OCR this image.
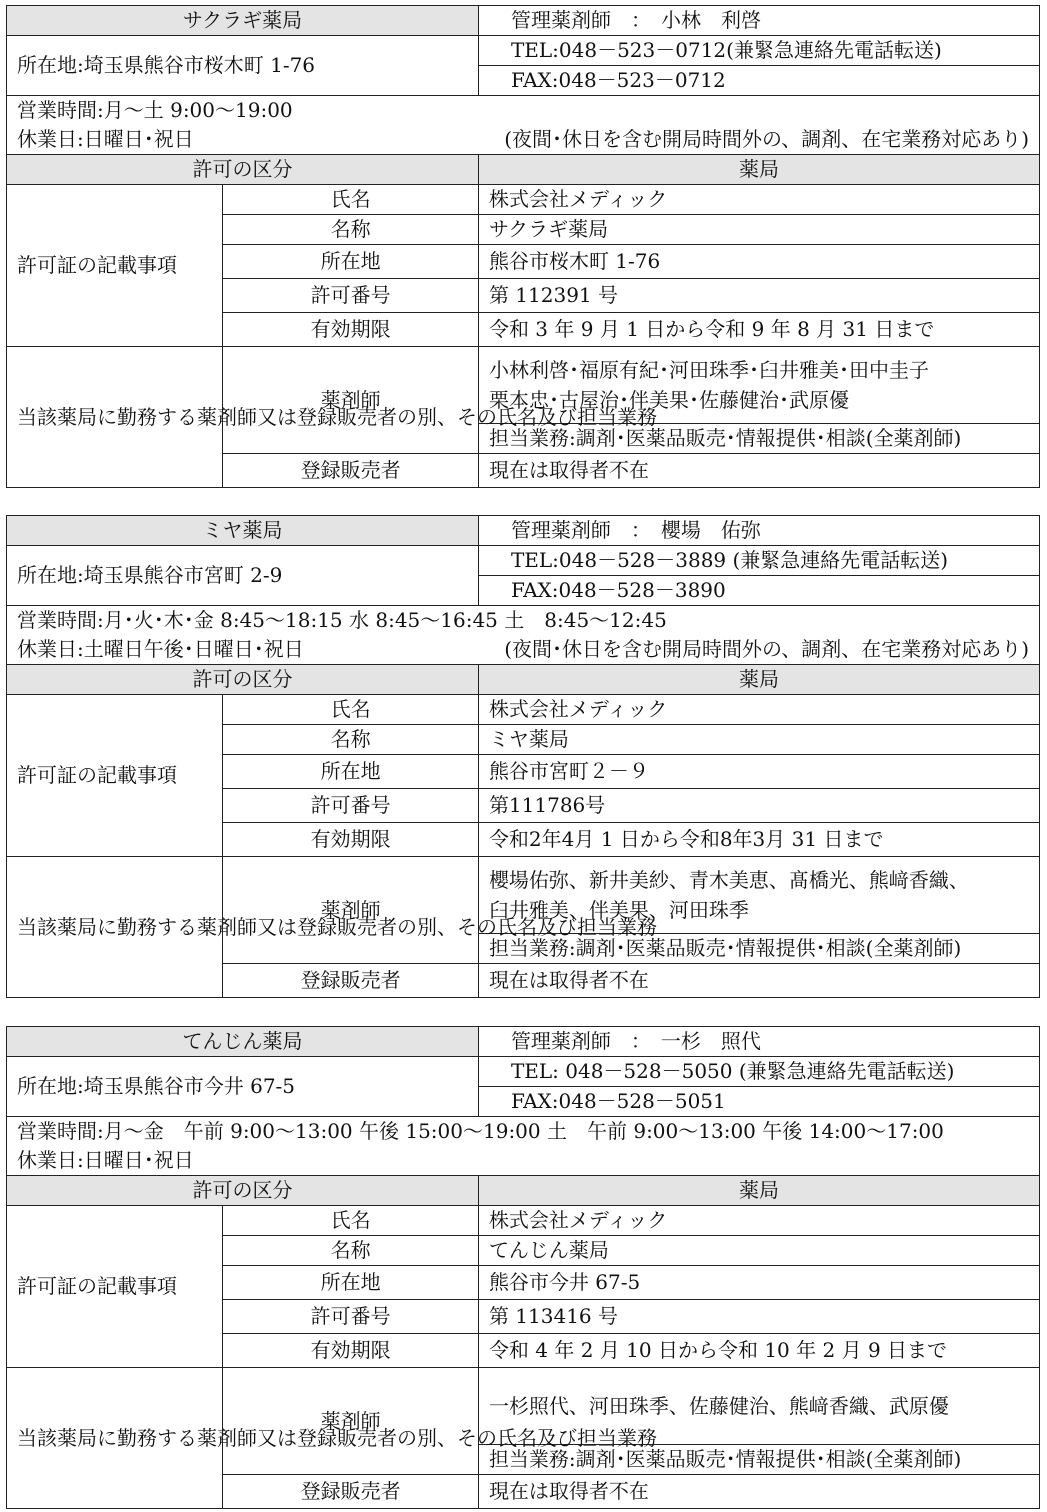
サクラギ薬局		管理薬剤師　：　小林　利啓
所在地:埼玉県熊谷市桜木町 1-76		TEL:048－523－0712(兼緊急連絡先電話転送)
		FAX:048－523－0712

営業時間:月～土 9:00～19:00
休業日:日曜日･祝日 (夜間･休日を含む開局時間外の、調剤、在宅業務対応あり)		

許可の区分		薬局
許可証の記載事項	氏名	株式会社メディック
	名称	サクラギ薬局
	所在地	熊谷市桜木町 1-76
	許可番号	第 112391 号
	有効期限	令和 3 年 9 月 1 日から令和 9 年 8 月 31 日まで
当該薬局に勤務する薬剤師又は登録販売者の別、その氏名及び担当業務	薬剤師	小林利啓･福原有紀･河田珠季･臼井雅美･田中圭子
栗本忠･古屋治･伴美果･佐藤健治･武原優

		担当業務:調剤･医薬品販売･情報提供･相談(全薬剤師)
	登録販売者	現在は取得者不在
ミヤ薬局		管理薬剤師　：　櫻場　佑弥
所在地:埼玉県熊谷市宮町 2-9		TEL:048－528－3889 (兼緊急連絡先電話転送)
		FAX:048－528－3890

営業時間:月･火･木･金 8:45～18:15 水 8:45～16:45 土　8:45～12:45
休業日:土曜日午後･日曜日･祝日 (夜間･休日を含む開局時間外の、調剤、在宅業務対応あり)		

許可の区分		薬局
許可証の記載事項	氏名	株式会社メディック
	名称	ミヤ薬局
	所在地	熊谷市宮町２－９
	許可番号	第111786号
	有効期限	令和2年4月 1 日から令和8年3月 31 日まで
当該薬局に勤務する薬剤師又は登録販売者の別、その氏名及び担当業務	薬剤師	櫻場佑弥、新井美紗、青木美恵、髙橋光、熊﨑香織、
臼井雅美、伴美果、河田珠季

		担当業務:調剤･医薬品販売･情報提供･相談(全薬剤師)
	登録販売者	現在は取得者不在
てんじん薬局		管理薬剤師　：　一杉　照代
所在地:埼玉県熊谷市今井 67-5		TEL: 048－528－5050 (兼緊急連絡先電話転送)
		FAX:048－528－5051

営業時間:月～金　午前 9:00～13:00 午後 15:00～19:00 土　午前 9:00～13:00 午後 14:00～17:00
休業日:日曜日･祝日		

許可の区分		薬局
許可証の記載事項	氏名	株式会社メディック
	名称	てんじん薬局
	所在地	熊谷市今井 67-5
	許可番号	第 113416 号
	有効期限	令和 4 年 2 月 10 日から令和 10 年 2 月 9 日まで
当該薬局に勤務する薬剤師又は登録販売者の別、その氏名及び担当業務	薬剤師	一杉照代、河田珠季、佐藤健治、熊﨑香織、武原優

		担当業務:調剤･医薬品販売･情報提供･相談(全薬剤師)
	登録販売者	現在は取得者不在
